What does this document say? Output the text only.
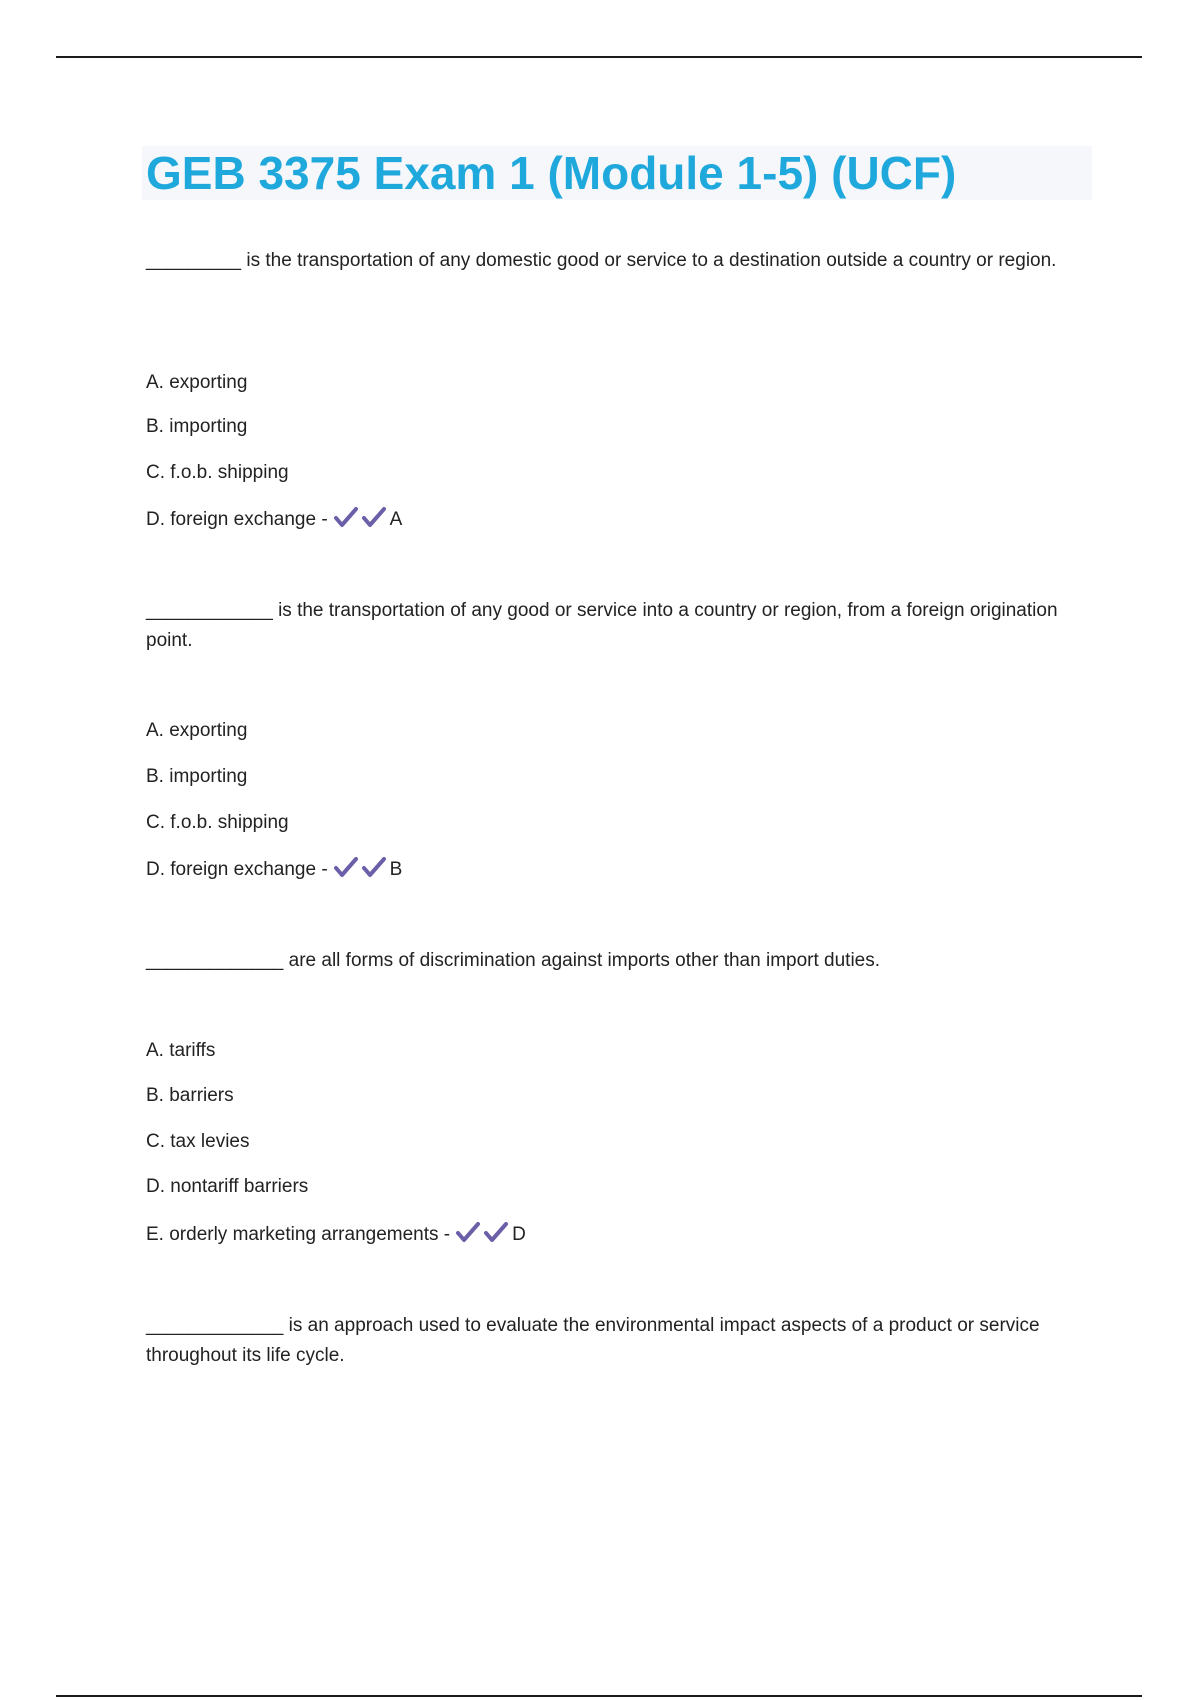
GEB 3375 Exam 1 (Module 1-5) (UCF)
_________ is the transportation of any domestic good or service to a destination outside a country or region.
A. exporting
B. importing
C. f.o.b. shipping
D. foreign exchange -	A
____________ is the transportation of any good or service into a country or region, from a foreign origination point.
A. exporting
B. importing
C. f.o.b. shipping
D. foreign exchange -	B
_____________ are all forms of discrimination against imports other than import duties.
A. tariffs
B. barriers
C. tax levies
D. nontariff barriers
E. orderly marketing arrangements -	D
_____________ is an approach used to evaluate the environmental impact aspects of a product or service throughout its life cycle.
